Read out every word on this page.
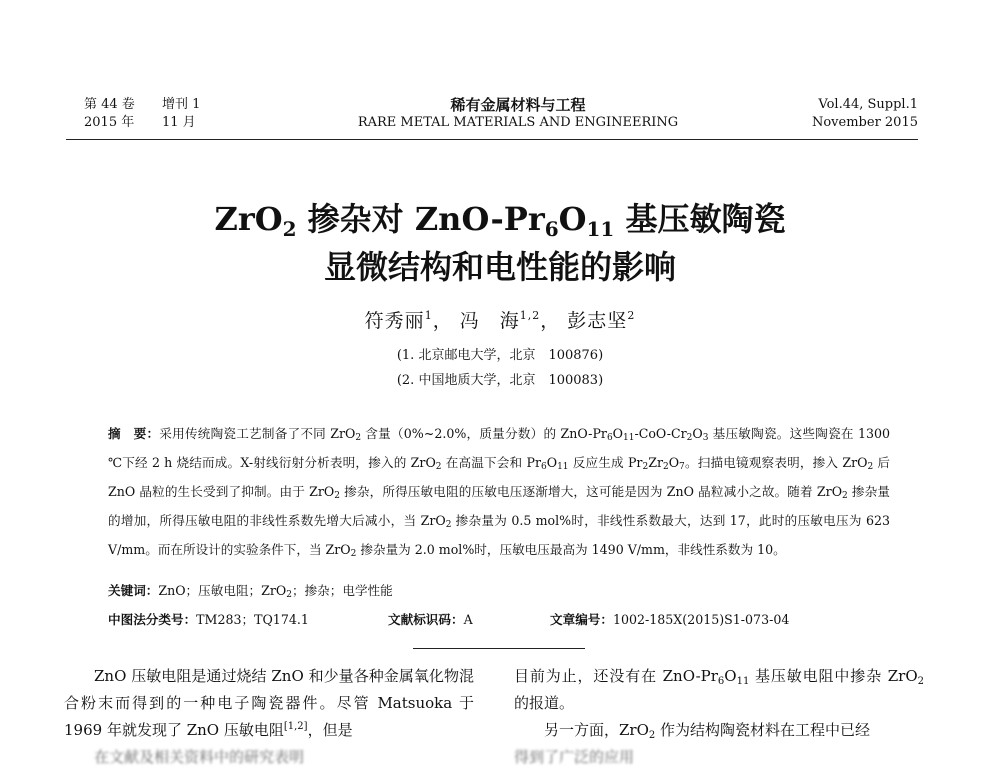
第 44 卷 增刊 1
2015 年 11 月
稀有金属材料与工程
RARE METAL MATERIALS AND ENGINEERING
Vol.44, Suppl.1
November 2015
ZrO$_2$ 掺杂对 ZnO-$Pr_6O_{11}$ 基压敏陶瓷
显微结构和电性能的影响
符秀丽$^1$， 冯　海$^{1,2}$， 彭志坚$^2$
(1. 北京邮电大学，北京　100876)
(2. 中国地质大学，北京　100083)
摘　要：采用传统陶瓷工艺制备了不同 ZrO$_2$ 含量（0%~2.0%，质量分数）的 ZnO-$Pr_6O_{11}-CoO-Cr_2O_3$ 基压敏陶瓷。这些陶瓷在 1300 ℃下经 2 h 烧结而成。X-射线衍射分析表明，掺入的 ZrO$_2$ 在高温下会和 $Pr_6O_{11}$ 反应生成 $Pr_2Zr_2O_7$。扫描电镜观察表明，掺入 ZrO$_2$ 后 ZnO 晶粒的生长受到了抑制。由于 ZrO$_2$ 掺杂，所得压敏电阻的压敏电压逐渐增大，这可能是因为 ZnO 晶粒减小之故。随着 ZrO$_2$ 掺杂量的增加，所得压敏电阻的非线性系数先增大后减小，当 ZrO$_2$ 掺杂量为 0.5 mol%时，非线性系数最大，达到 17，此时的压敏电压为 623 V/mm。而在所设计的实验条件下，当 ZrO$_2$ 掺杂量为 2.0 mol%时，压敏电压最高为 1490 V/mm，非线性系数为 10。
关键词：ZnO；压敏电阻；ZrO$_2$；掺杂；电学性能
中图法分类号：TM283；TQ174.1	文献标识码：A	文章编号：1002-185X(2015)S1-073-04

ZnO 压敏电阻是通过烧结 ZnO 和少量各种金属氧化物混合粉末而得到的一种电子陶瓷器件。尽管 Matsuoka 于 1969 年就发现了 ZnO 压敏电阻[1,2]，但是

在文献及相关资料中的研究表明

目前为止，还没有在 ZnO-$Pr_6O_{11}$ 基压敏电阻中掺杂 ZrO$_2$ 的报道。

另一方面，ZrO$_2$ 作为结构陶瓷材料在工程中已经

得到了广泛的应用
